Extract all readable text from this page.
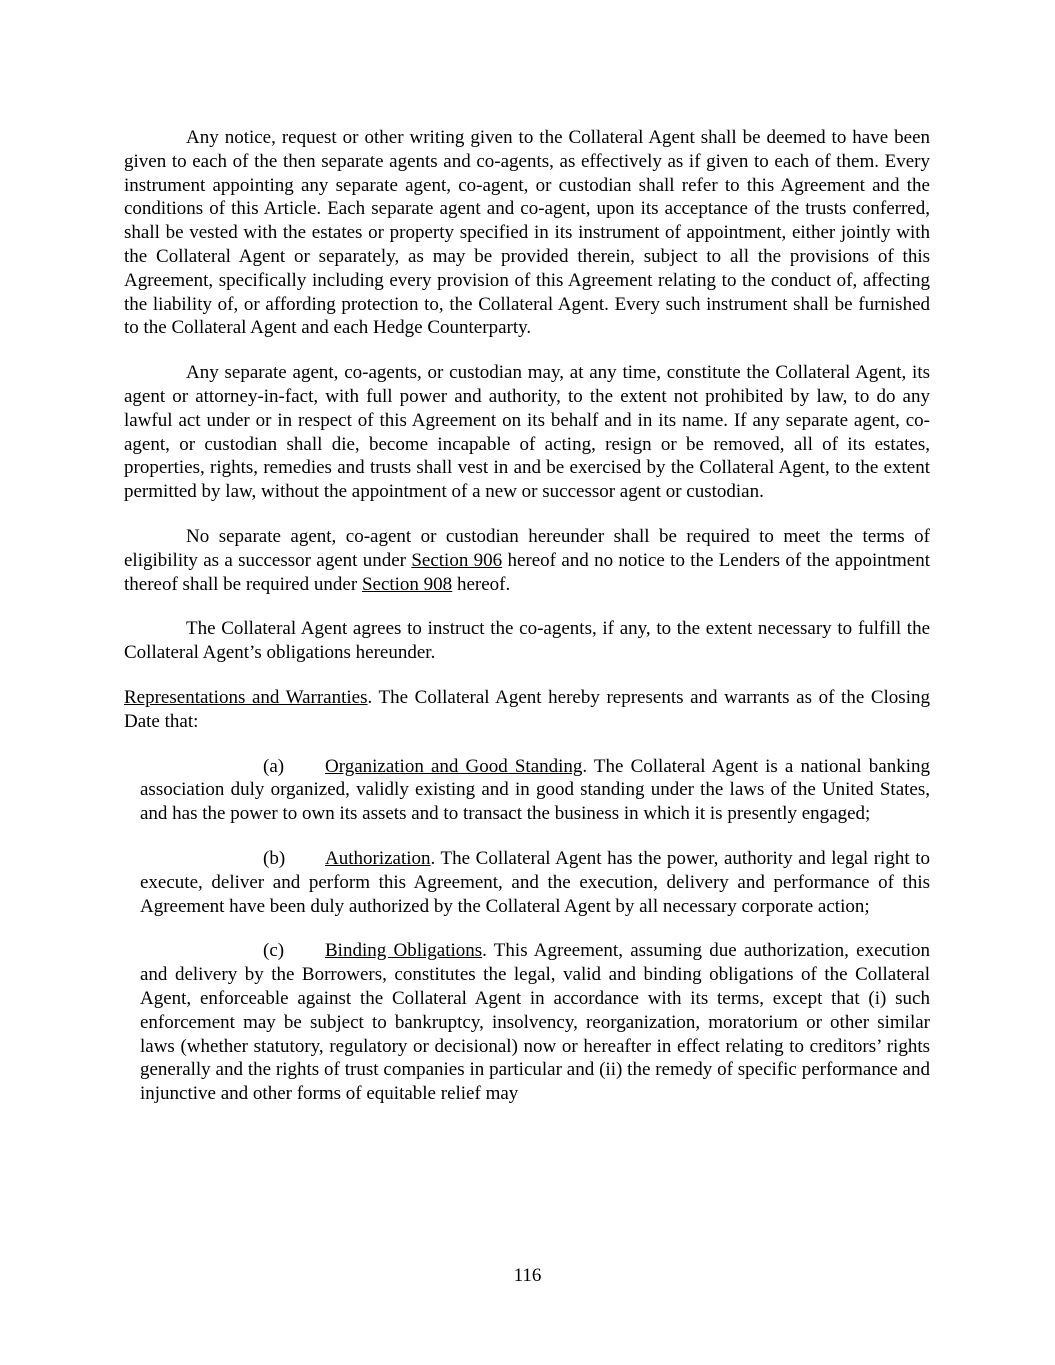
Any notice, request or other writing given to the Collateral Agent shall be deemed to have been given to each of the then separate agents and co-agents, as effectively as if given to each of them. Every instrument appointing any separate agent, co-agent, or custodian shall refer to this Agreement and the conditions of this Article. Each separate agent and co-agent, upon its acceptance of the trusts conferred, shall be vested with the estates or property specified in its instrument of appointment, either jointly with the Collateral Agent or separately, as may be provided therein, subject to all the provisions of this Agreement, specifically including every provision of this Agreement relating to the conduct of, affecting the liability of, or affording protection to, the Collateral Agent. Every such instrument shall be furnished to the Collateral Agent and each Hedge Counterparty.

Any separate agent, co-agents, or custodian may, at any time, constitute the Collateral Agent, its agent or attorney-in-fact, with full power and authority, to the extent not prohibited by law, to do any lawful act under or in respect of this Agreement on its behalf and in its name. If any separate agent, co-agent, or custodian shall die, become incapable of acting, resign or be removed, all of its estates, properties, rights, remedies and trusts shall vest in and be exercised by the Collateral Agent, to the extent permitted by law, without the appointment of a new or successor agent or custodian.

No separate agent, co-agent or custodian hereunder shall be required to meet the terms of eligibility as a successor agent under Section 906 hereof and no notice to the Lenders of the appointment thereof shall be required under Section 908 hereof.

The Collateral Agent agrees to instruct the co-agents, if any, to the extent necessary to fulfill the Collateral Agent’s obligations hereunder.

Representations and Warranties. The Collateral Agent hereby represents and warrants as of the Closing Date that:

(a) Organization and Good Standing. The Collateral Agent is a national banking association duly organized, validly existing and in good standing under the laws of the United States, and has the power to own its assets and to transact the business in which it is presently engaged;

(b) Authorization. The Collateral Agent has the power, authority and legal right to execute, deliver and perform this Agreement, and the execution, delivery and performance of this Agreement have been duly authorized by the Collateral Agent by all necessary corporate action;

(c) Binding Obligations. This Agreement, assuming due authorization, execution and delivery by the Borrowers, constitutes the legal, valid and binding obligations of the Collateral Agent, enforceable against the Collateral Agent in accordance with its terms, except that (i) such enforcement may be subject to bankruptcy, insolvency, reorganization, moratorium or other similar laws (whether statutory, regulatory or decisional) now or hereafter in effect relating to creditors’ rights generally and the rights of trust companies in particular and (ii) the remedy of specific performance and injunctive and other forms of equitable relief may

116
